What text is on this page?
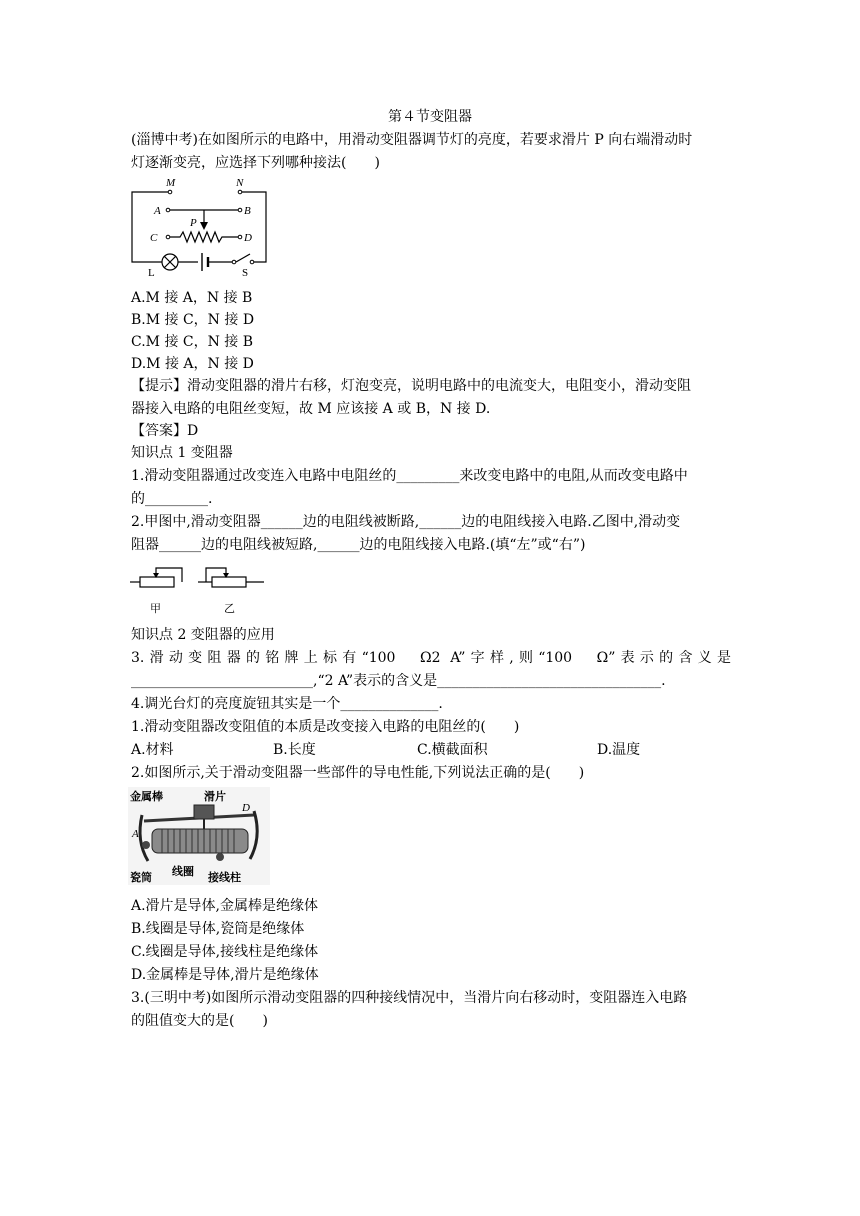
第４节变阻器
(淄博中考)在如图所示的电路中，用滑动变阻器调节灯的亮度，若要求滑片 P 向右端滑动时
灯逐渐变亮，应选择下列哪种接法(　　)
M	N
A	B
P
C	D
L	S
A.M 接 A，N 接 B
B.M 接 C，N 接 D
C.M 接 C，N 接 B
D.M 接 A，N 接 D
【提示】滑动变阻器的滑片右移，灯泡变亮，说明电路中的电流变大，电阻变小，滑动变阻
器接入电路的电阻丝变短，故 M 应该接 A 或 B，N 接 D.
【答案】D
知识点 1 变阻器
1.滑动变阻器通过改变连入电路中电阻丝的_________来改变电路中的电阻,从而改变电路中
的_________.
2.甲图中,滑动变阻器______边的电阻线被断路,______边的电阻线接入电路.乙图中,滑动变
阻器______边的电阻线被短路,______边的电阻线接入电路.(填“左”或“右”)
甲	乙
知识点 2 变阻器的应用
3.滑动变阻器的铭牌上标有“100　Ω2 A”字样,则“100　Ω”表示的含义是
__________________________,“2 A”表示的含义是________________________________.
4.调光台灯的亮度旋钮其实是一个______________.
1.滑动变阻器改变阻值的本质是改变接入电路的电阻丝的(　　)
A.材料	B.长度	C.横截面积	D.温度
2.如图所示,关于滑动变阻器一些部件的导电性能,下列说法正确的是(　　)
金属棒	滑片
瓷筒 线圈 接线柱
D
A
A.滑片是导体,金属棒是绝缘体
B.线圈是导体,瓷筒是绝缘体
C.线圈是导体,接线柱是绝缘体
D.金属棒是导体,滑片是绝缘体
3.(三明中考)如图所示滑动变阻器的四种接线情况中，当滑片向右移动时，变阻器连入电路
的阻值变大的是(　　)
